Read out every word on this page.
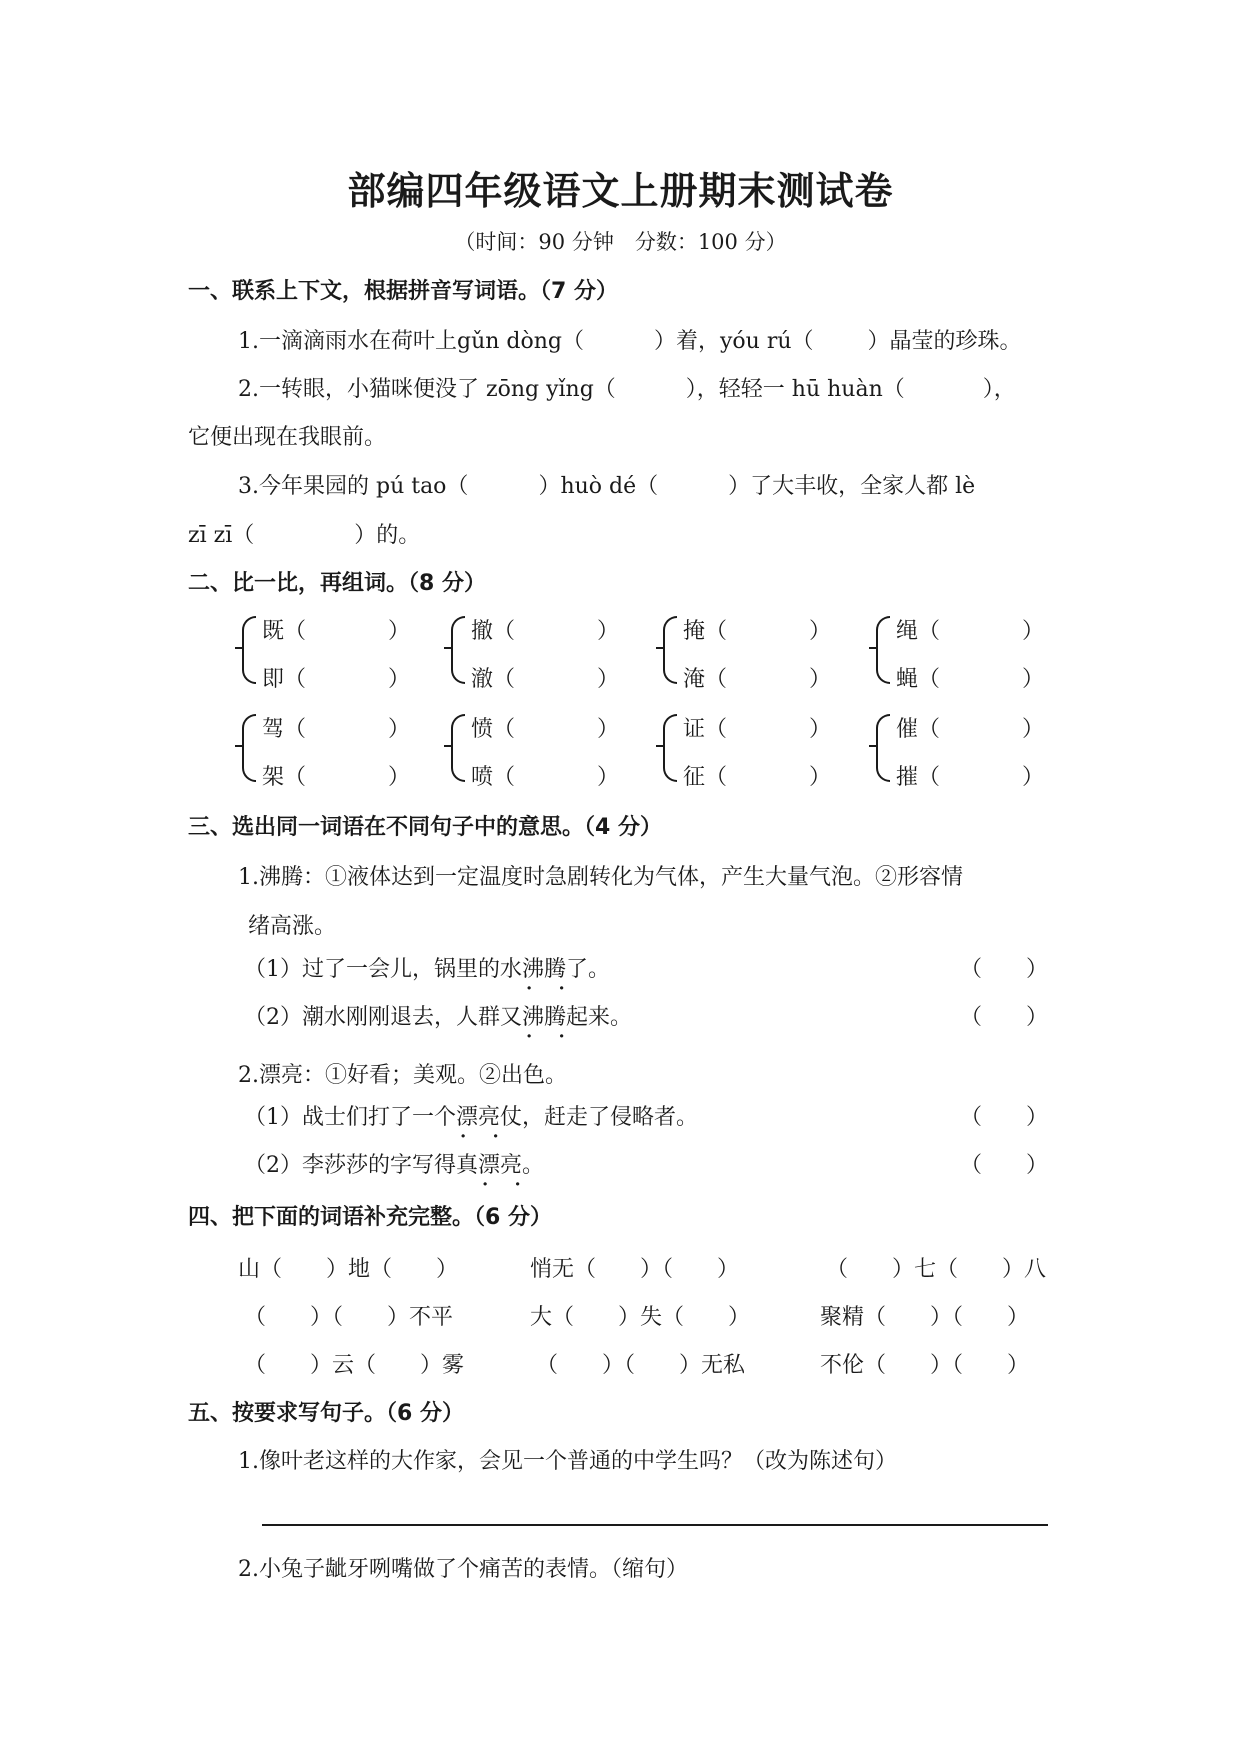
部编四年级语文上册期末测试卷
（时间：90 分钟　分数：100 分）
一、联系上下文，根据拼音写词语。（7 分）
1.一滴滴雨水在荷叶上gǔn dòng（	）着，yóu rú（ ）晶莹的珍珠。
2.一转眼，小猫咪便没了 zōng yǐng（	），轻轻一 hū huàn（	），
它便出现在我眼前。
3.今年果园的 pú tao（	）huò dé（	）了大丰收，全家人都 lè
zī zī（	）的。
二、比一比，再组词。（8 分）
既（	）
即（	）
撤（	）
澈（	）
掩（	）
淹（	）
绳（	）
蝇（	）
驾（	）
架（	）
愤（	）
喷（	）
证（	）
征（	）
催（	）
摧（	）
三、选出同一词语在不同句子中的意思。（4 分）
1.沸腾：①液体达到一定温度时急剧转化为气体，产生大量气泡。②形容情
绪高涨。
（1）过了一会儿，锅里的水沸腾 · ·了。	（　　）
（2）潮水刚刚退去，人群又沸腾 · ·起来。	（　　）
2.漂亮：①好看；美观。②出色。
（1）战士们打了一个漂亮 · ·仗，赶走了侵略者。	（　　）
（2）李莎莎的字写得真漂亮 · ·。	（　　）
四、把下面的词语补充完整。（6 分）
山（　　）地（　　）	悄无（　　）（　　）	（　　）七（　　）八
（　　）（　　）不平	大（　　）失（　　）	聚精（　　）（　　）
（　　）云（　　）雾	（　　）（　　）无私	不伦（　　）（　　）
五、按要求写句子。（6 分）
1.像叶老这样的大作家，会见一个普通的中学生吗？（改为陈述句）
2.小兔子龇牙咧嘴做了个痛苦的表情。（缩句）
